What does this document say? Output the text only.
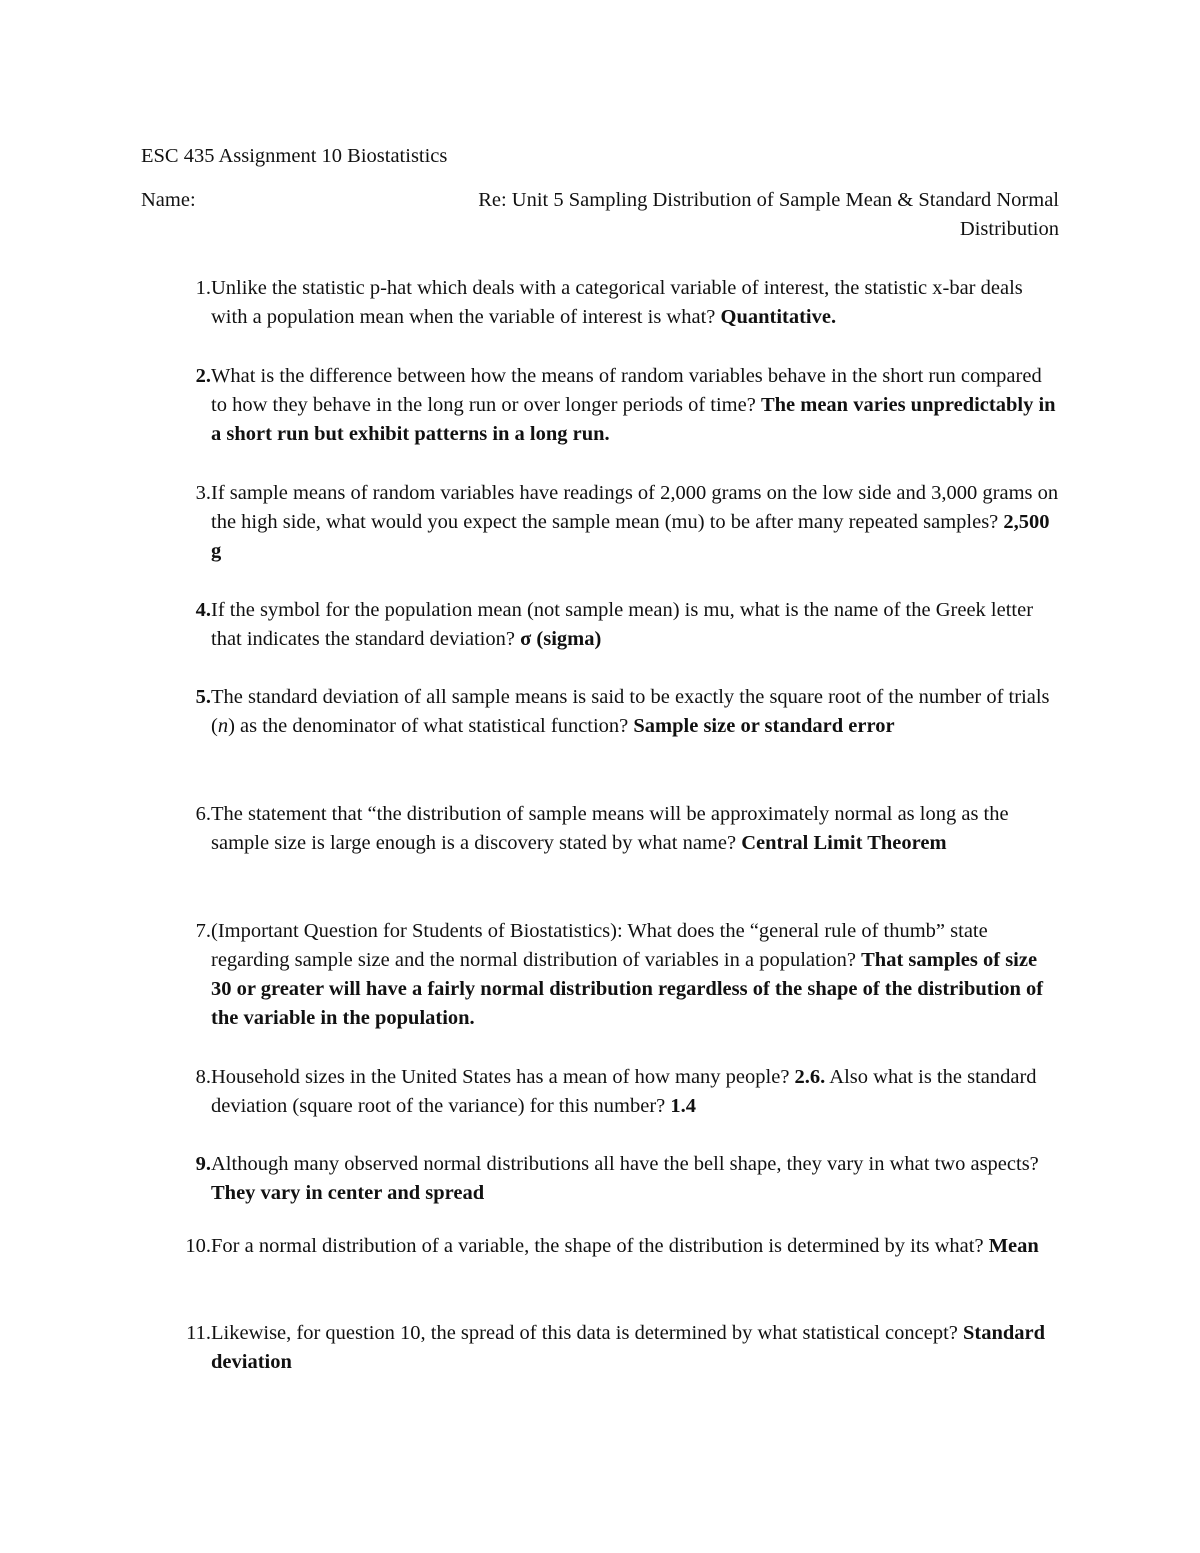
ESC 435 Assignment 10 Biostatistics

Name:	Re: Unit 5 Sampling Distribution of Sample Mean & Standard Normal Distribution

1. Unlike the statistic p-hat which deals with a categorical variable of interest, the statistic x-bar deals with a population mean when the variable of interest is what? Quantitative.
2. What is the difference between how the means of random variables behave in the short run compared to how they behave in the long run or over longer periods of time? The mean varies unpredictably in a short run but exhibit patterns in a long run.
3. If sample means of random variables have readings of 2,000 grams on the low side and 3,000 grams on the high side, what would you expect the sample mean (mu) to be after many repeated samples? 2,500 g
4. If the symbol for the population mean (not sample mean) is mu, what is the name of the Greek letter that indicates the standard deviation? σ (sigma)
5. The standard deviation of all sample means is said to be exactly the square root of the number of trials (n) as the denominator of what statistical function? Sample size or standard error
6. The statement that “the distribution of sample means will be approximately normal as long as the sample size is large enough is a discovery stated by what name? Central Limit Theorem
7. (Important Question for Students of Biostatistics): What does the “general rule of thumb” state regarding sample size and the normal distribution of variables in a population? That samples of size 30 or greater will have a fairly normal distribution regardless of the shape of the distribution of the variable in the population.
8. Household sizes in the United States has a mean of how many people? 2.6. Also what is the standard deviation (square root of the variance) for this number? 1.4
9. Although many observed normal distributions all have the bell shape, they vary in what two aspects? They vary in center and spread
10. For a normal distribution of a variable, the shape of the distribution is determined by its what? Mean
11. Likewise, for question 10, the spread of this data is determined by what statistical concept? Standard deviation
